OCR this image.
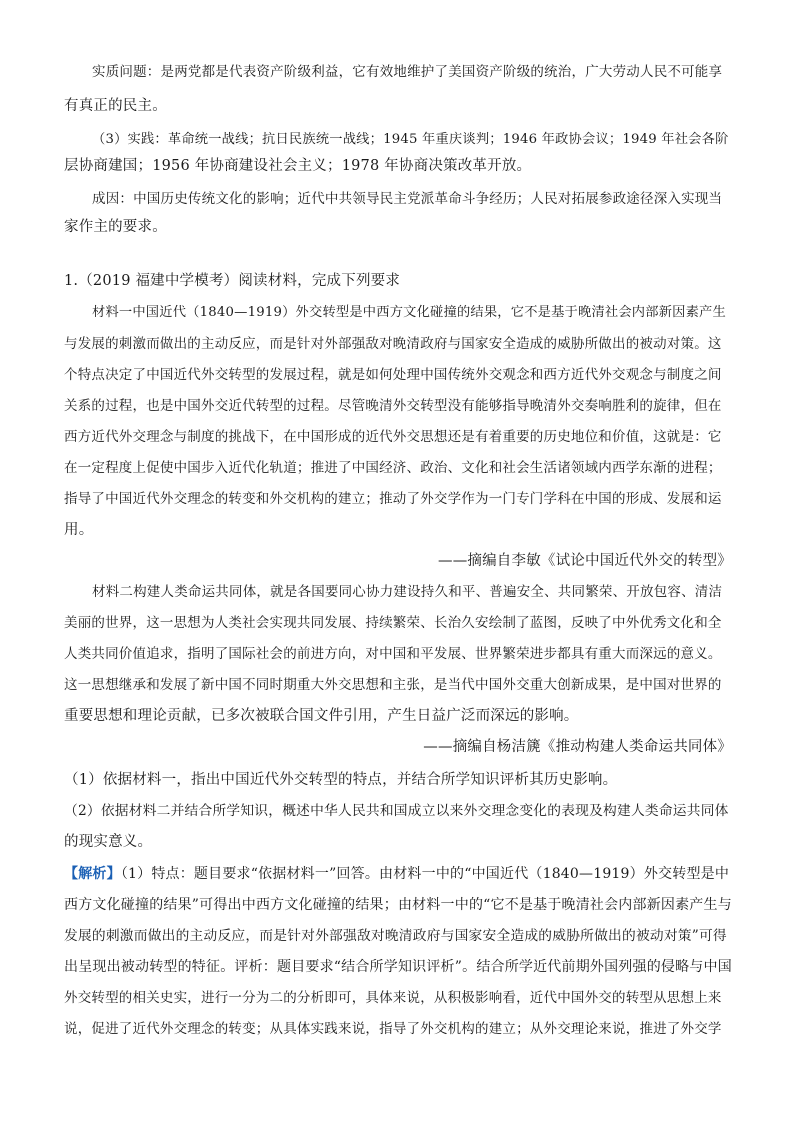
实质问题：是两党都是代表资产阶级利益，它有效地维护了美国资产阶级的统治，广大劳动人民不可能享
有真正的民主。
（3）实践：革命统一战线；抗日民族统一战线；1945 年重庆谈判；1946 年政协会议；1949 年社会各阶
层协商建国；1956 年协商建设社会主义；1978 年协商决策改革开放。
成因：中国历史传统文化的影响；近代中共领导民主党派革命斗争经历；人民对拓展参政途径深入实现当
家作主的要求。
1.（2019 福建中学模考）阅读材料，完成下列要求
材料一中国近代（1840—1919）外交转型是中西方文化碰撞的结果，它不是基于晚清社会内部新因素产生
与发展的刺激而做出的主动反应，而是针对外部强敌对晚清政府与国家安全造成的威胁所做出的被动对策。这
个特点决定了中国近代外交转型的发展过程，就是如何处理中国传统外交观念和西方近代外交观念与制度之间
关系的过程，也是中国外交近代转型的过程。尽管晚清外交转型没有能够指导晚清外交奏响胜利的旋律，但在
西方近代外交理念与制度的挑战下，在中国形成的近代外交思想还是有着重要的历史地位和价值，这就是：它
在一定程度上促使中国步入近代化轨道；推进了中国经济、政治、文化和社会生活诸领域内西学东渐的进程；
指导了中国近代外交理念的转变和外交机构的建立；推动了外交学作为一门专门学科在中国的形成、发展和运
用。
——摘编自李敏《试论中国近代外交的转型》
材料二构建人类命运共同体，就是各国要同心协力建设持久和平、普遍安全、共同繁荣、开放包容、清洁
美丽的世界，这一思想为人类社会实现共同发展、持续繁荣、长治久安绘制了蓝图，反映了中外优秀文化和全
人类共同价值追求，指明了国际社会的前进方向，对中国和平发展、世界繁荣进步都具有重大而深远的意义。
这一思想继承和发展了新中国不同时期重大外交思想和主张，是当代中国外交重大创新成果，是中国对世界的
重要思想和理论贡献，已多次被联合国文件引用，产生日益广泛而深远的影响。
——摘编自杨洁篪《推动构建人类命运共同体》
（1）依据材料一，指出中国近代外交转型的特点，并结合所学知识评析其历史影响。
（2）依据材料二并结合所学知识，概述中华人民共和国成立以来外交理念变化的表现及构建人类命运共同体
的现实意义。
【解析】（1）特点：题目要求“依据材料一”回答。由材料一中的“中国近代（1840—1919）外交转型是中
西方文化碰撞的结果”可得出中西方文化碰撞的结果；由材料一中的“它不是基于晚清社会内部新因素产生与
发展的刺激而做出的主动反应，而是针对外部强敌对晚清政府与国家安全造成的威胁所做出的被动对策”可得
出呈现出被动转型的特征。评析：题目要求“结合所学知识评析”。结合所学近代前期外国列强的侵略与中国
外交转型的相关史实，进行一分为二的分析即可，具体来说，从积极影响看，近代中国外交的转型从思想上来
说，促进了近代外交理念的转变；从具体实践来说，指导了外交机构的建立；从外交理论来说，推进了外交学
